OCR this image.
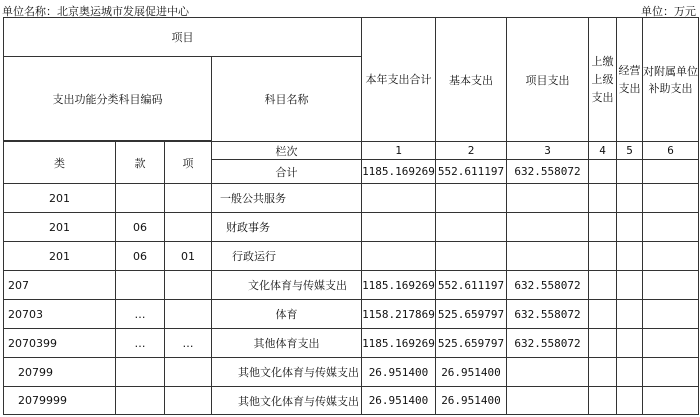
单位名称：北京奥运城市发展促进中心	单位：万元
项目				本年支出合计	基本支出	项目支出	上缴上级支出	经营支出	对附属单位补助支出
支出功能分类科目编码			科目名称						

类	款	项	栏次	1	2	3	4	5	6
			合计	1185.169269	552.611197	632.558072			
201			一般公共服务						
201	06		财政事务						
201	06	01	行政运行						
207			文化体育与传媒支出	1185.169269	552.611197	632.558072			
20703	…		体育	1158.217869	525.659797	632.558072			
2070399	…	…	其他体育支出	1185.169269	525.659797	632.558072			
20799			其他文化体育与传媒支出	26.951400	26.951400				
2079999			其他文化体育与传媒支出	26.951400	26.951400				
